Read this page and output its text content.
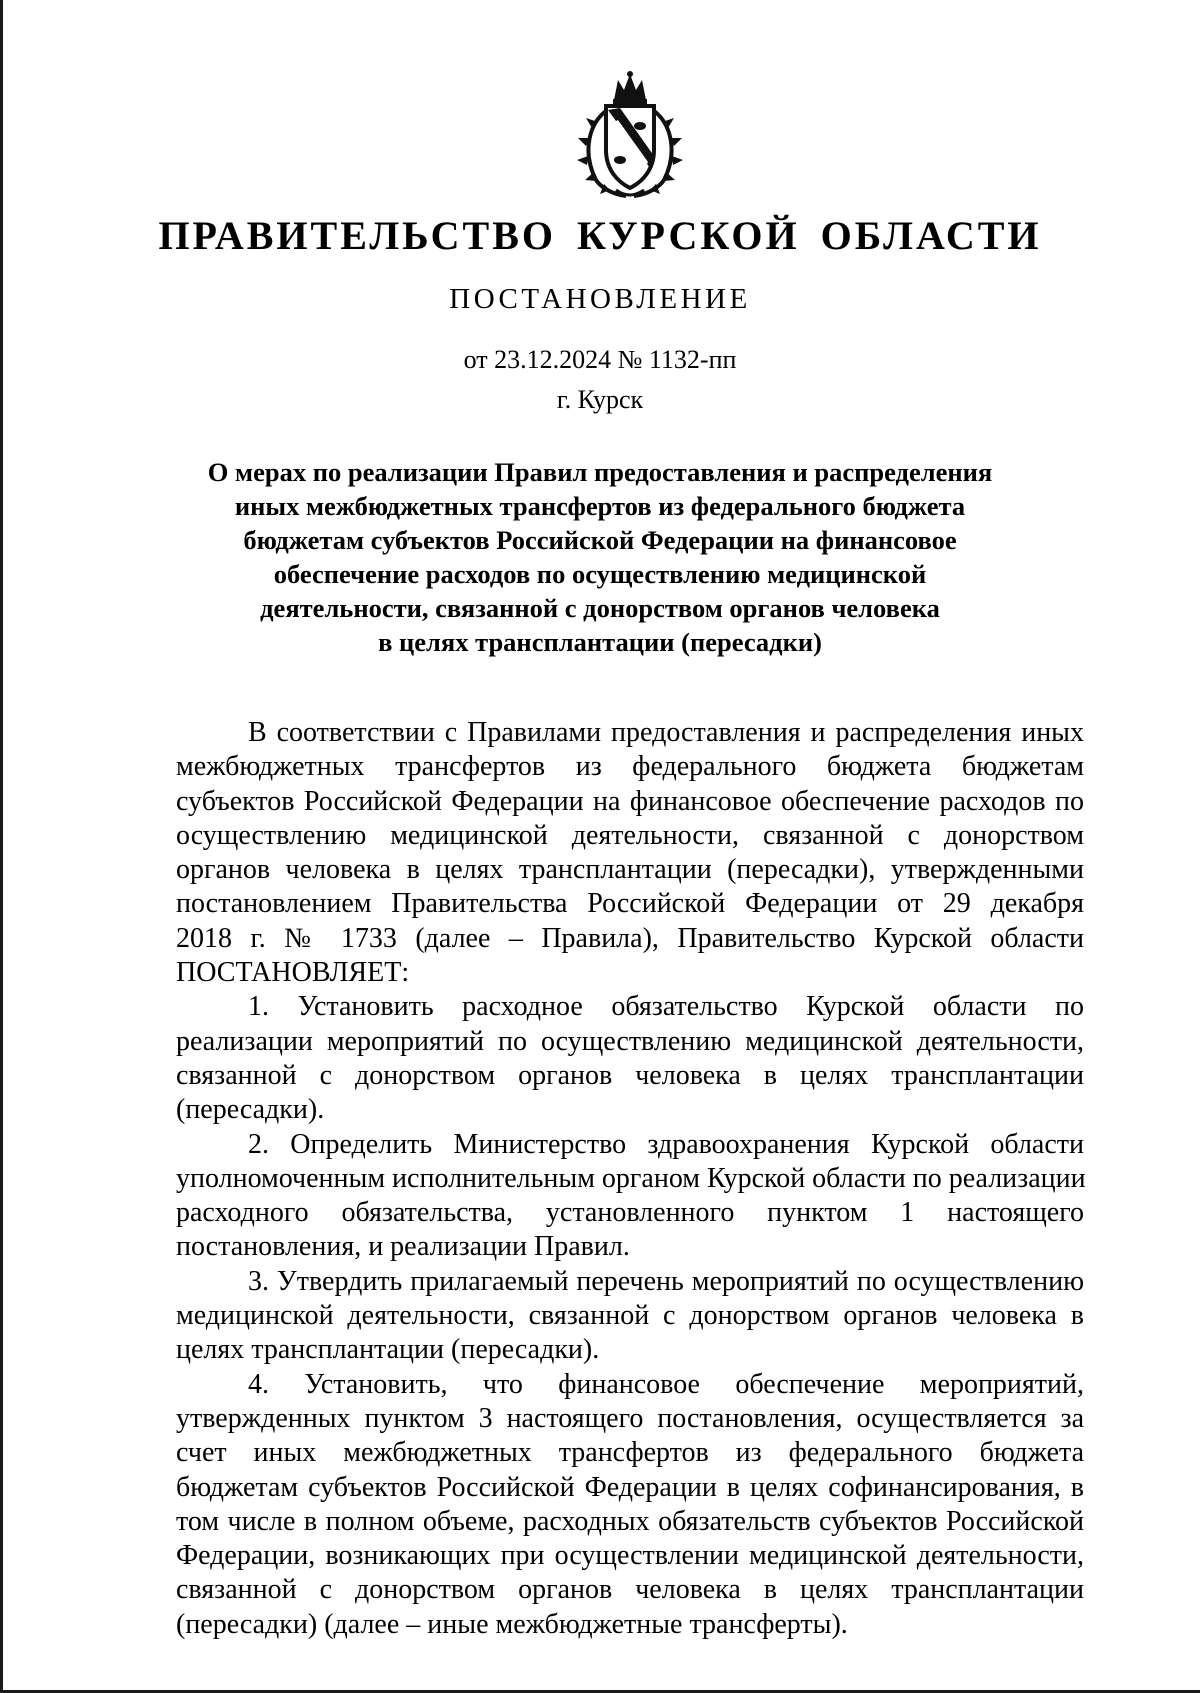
ПРАВИТЕЛЬСТВО КУРСКОЙ ОБЛАСТИ
ПОСТАНОВЛЕНИЕ
от 23.12.2024 № 1132-пп
г. Курск
О мерах по реализации Правил предоставления и распределения
иных межбюджетных трансфертов из федерального бюджета
бюджетам субъектов Российской Федерации на финансовое
обеспечение расходов по осуществлению медицинской
деятельности, связанной с донорством органов человека
в целях трансплантации (пересадки)
В соответствии с Правилами предоставления и распределения иных
межбюджетных трансфертов из федерального бюджета бюджетам
субъектов Российской Федерации на финансовое обеспечение расходов по
осуществлению медицинской деятельности, связанной с донорством
органов человека в целях трансплантации (пересадки), утвержденными
постановлением Правительства Российской Федерации от 29 декабря
2018 г. № 1733 (далее – Правила), Правительство Курской области
ПОСТАНОВЛЯЕТ:
1. Установить расходное обязательство Курской области по
реализации мероприятий по осуществлению медицинской деятельности,
связанной с донорством органов человека в целях трансплантации
(пересадки).
2. Определить Министерство здравоохранения Курской области
уполномоченным исполнительным органом Курской области по реализации
расходного обязательства, установленного пунктом 1 настоящего
постановления, и реализации Правил.
3. Утвердить прилагаемый перечень мероприятий по осуществлению
медицинской деятельности, связанной с донорством органов человека в
целях трансплантации (пересадки).
4. Установить, что финансовое обеспечение мероприятий,
утвержденных пунктом 3 настоящего постановления, осуществляется за
счет иных межбюджетных трансфертов из федерального бюджета
бюджетам субъектов Российской Федерации в целях софинансирования, в
том числе в полном объеме, расходных обязательств субъектов Российской
Федерации, возникающих при осуществлении медицинской деятельности,
связанной с донорством органов человека в целях трансплантации
(пересадки) (далее – иные межбюджетные трансферты).
